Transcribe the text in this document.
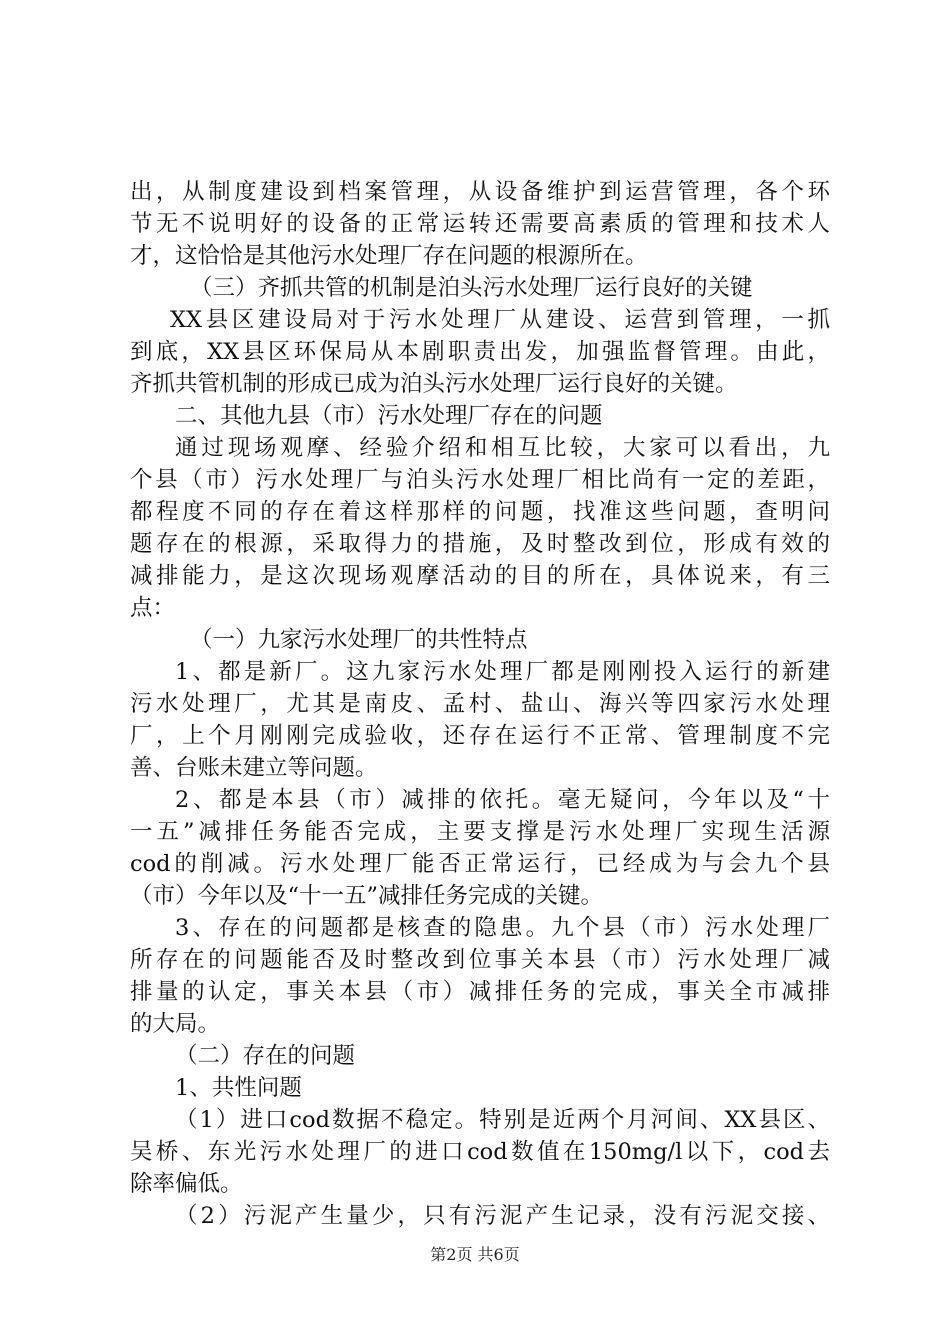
出，从制度建设到档案管理，从设备维护到运营管理，各个环
节无不说明好的设备的正常运转还需要高素质的管理和技术人
才，这恰恰是其他污水处理厂存在问题的根源所在。
（三）齐抓共管的机制是泊头污水处理厂运行良好的关键
XX县区建设局对于污水处理厂从建设、运营到管理，一抓
到底，XX县区环保局从本剧职责出发，加强监督管理。由此，
齐抓共管机制的形成已成为泊头污水处理厂运行良好的关键。
二、其他九县（市）污水处理厂存在的问题
通过现场观摩、经验介绍和相互比较，大家可以看出，九
个县（市）污水处理厂与泊头污水处理厂相比尚有一定的差距，
都程度不同的存在着这样那样的问题，找准这些问题，查明问
题存在的根源，采取得力的措施，及时整改到位，形成有效的
减排能力，是这次现场观摩活动的目的所在，具体说来，有三
点：
（一）九家污水处理厂的共性特点
1、都是新厂。这九家污水处理厂都是刚刚投入运行的新建
污水处理厂，尤其是南皮、孟村、盐山、海兴等四家污水处理
厂，上个月刚刚完成验收，还存在运行不正常、管理制度不完
善、台账未建立等问题。
2、都是本县（市）减排的依托。毫无疑问，今年以及“十
一五”减排任务能否完成，主要支撑是污水处理厂实现生活源
cod的削减。污水处理厂能否正常运行，已经成为与会九个县
（市）今年以及“十一五”减排任务完成的关键。
3、存在的问题都是核查的隐患。九个县（市）污水处理厂
所存在的问题能否及时整改到位事关本县（市）污水处理厂减
排量的认定，事关本县（市）减排任务的完成，事关全市减排
的大局。
（二）存在的问题
1、共性问题
（1）进口cod数据不稳定。特别是近两个月河间、XX县区、
吴桥、东光污水处理厂的进口cod数值在150mg/l以下，cod去
除率偏低。
（2）污泥产生量少，只有污泥产生记录，没有污泥交接、
第2页 共6页
